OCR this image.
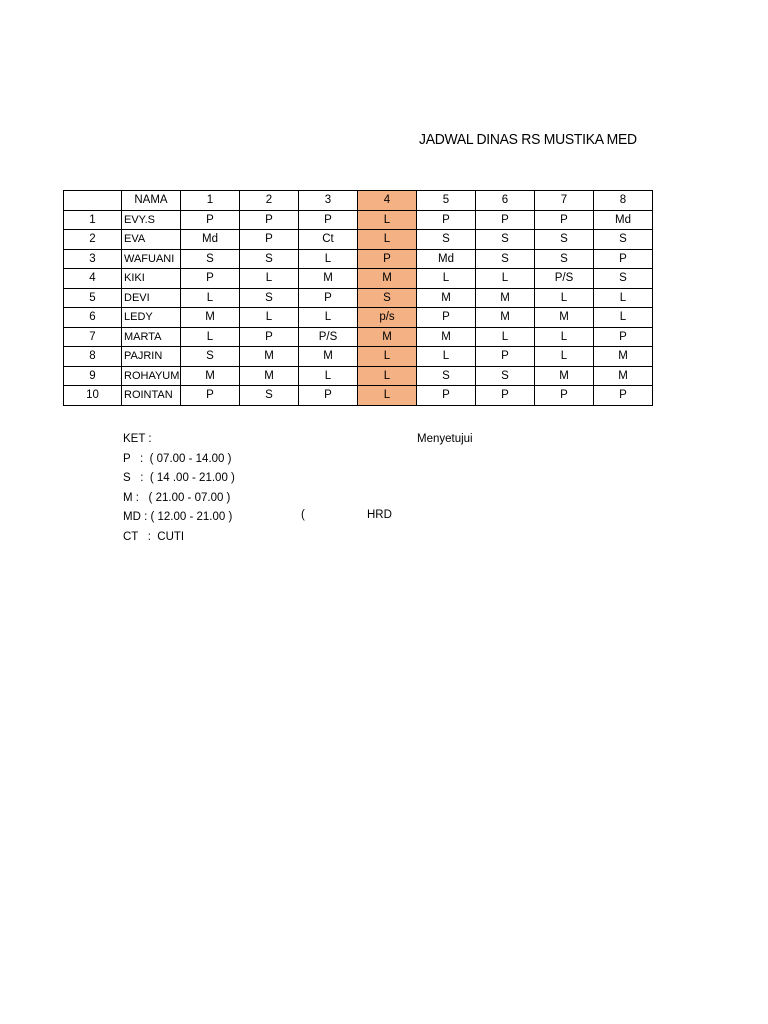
JADWAL DINAS RS MUSTIKA MED
	NAMA	1	2	3	4	5	6	7	8
1	EVY.S	P	P	P	L	P	P	P	Md
2	EVA	Md	P	Ct	L	S	S	S	S
3	WAFUANI	S	S	L	P	Md	S	S	P
4	KIKI	P	L	M	M	L	L	P/S	S
5	DEVI	L	S	P	S	M	M	L	L
6	LEDY	M	L	L	p/s	P	M	M	L
7	MARTA	L	P	P/S	M	M	L	L	P
8	PAJRIN	S	M	M	L	L	P	L	M
9	ROHAYUM	M	M	L	L	S	S	M	M
10	ROINTAN	P	S	P	L	P	P	P	P
KET :
P   :  ( 07.00 - 14.00 )
S   :  ( 14 .00 - 21.00 )
M :   ( 21.00 - 07.00 )
MD : ( 12.00 - 21.00 )
CT   :  CUTI
Menyetujui
(	HRD
